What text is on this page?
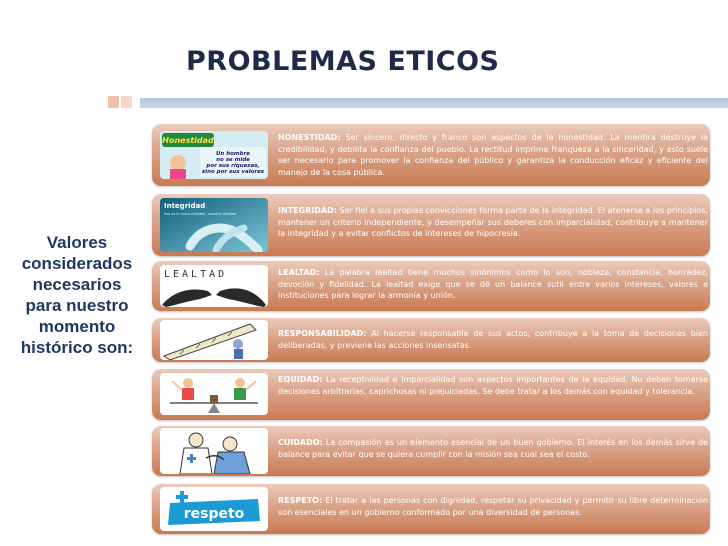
PROBLEMAS ETICOS
Valores considerados necesarios para nuestro momento histórico son:
Honestidad
Un hombre
no se mide
por sus riquezas,
sino por sus valores
HONESTIDAD: Ser sincero, directo y franco son aspectos de la honestidad. La mentira destruye la credibilidad, y debilita la confianza del pueblo. La rectitud imprime franqueza a la sinceridad, y esto suele ser necesario para promover la confianza del público y garantiza la conducción eficaz y eficiente del manejo de la cosa pública.
Integridad
Esa es la única realidad, nuestra realidad	INTEGRIDAD: Ser fiel a sus propias convicciones forma parte de la integridad. El atenerse a los principios, mantener un criterio independiente, y desempeñar sus deberes con imparcialidad, contribuye a mantener la integridad y a evitar conflictos de intereses de hipocresía.
LEALTAD	LEALTAD: La palabra lealtad tiene muchos sinónimos como lo son, nobleza, constancia, honradez, devoción y fidelidad. La lealtad exige que se dé un balance sutil entre varios intereses, valores e instituciones para lograr la armonía y unión.
RESPONSABILIDAD: Al hacerse responsable de sus actos, contribuye a la toma de decisiones bien deliberadas, y previene las acciones insensatas.
EQUIDAD: La receptividad e imparcialidad son aspectos importantes de la equidad. No deben tomarse decisiones arbitrarias, caprichosas ni prejuiciadas. Se debe tratar a los demás con equidad y tolerancia.
CUIDADO: La compasión es un elemento esencial de un buen gobierno. El interés en los demás sirve de balance para evitar que se quiera cumplir con la misión sea cual sea el costo.
respeto
RESPETO: El tratar a las personas con dignidad, respetar su privacidad y permitir su libre determinación son esenciales en un gobierno conformado por una diversidad de personas.
